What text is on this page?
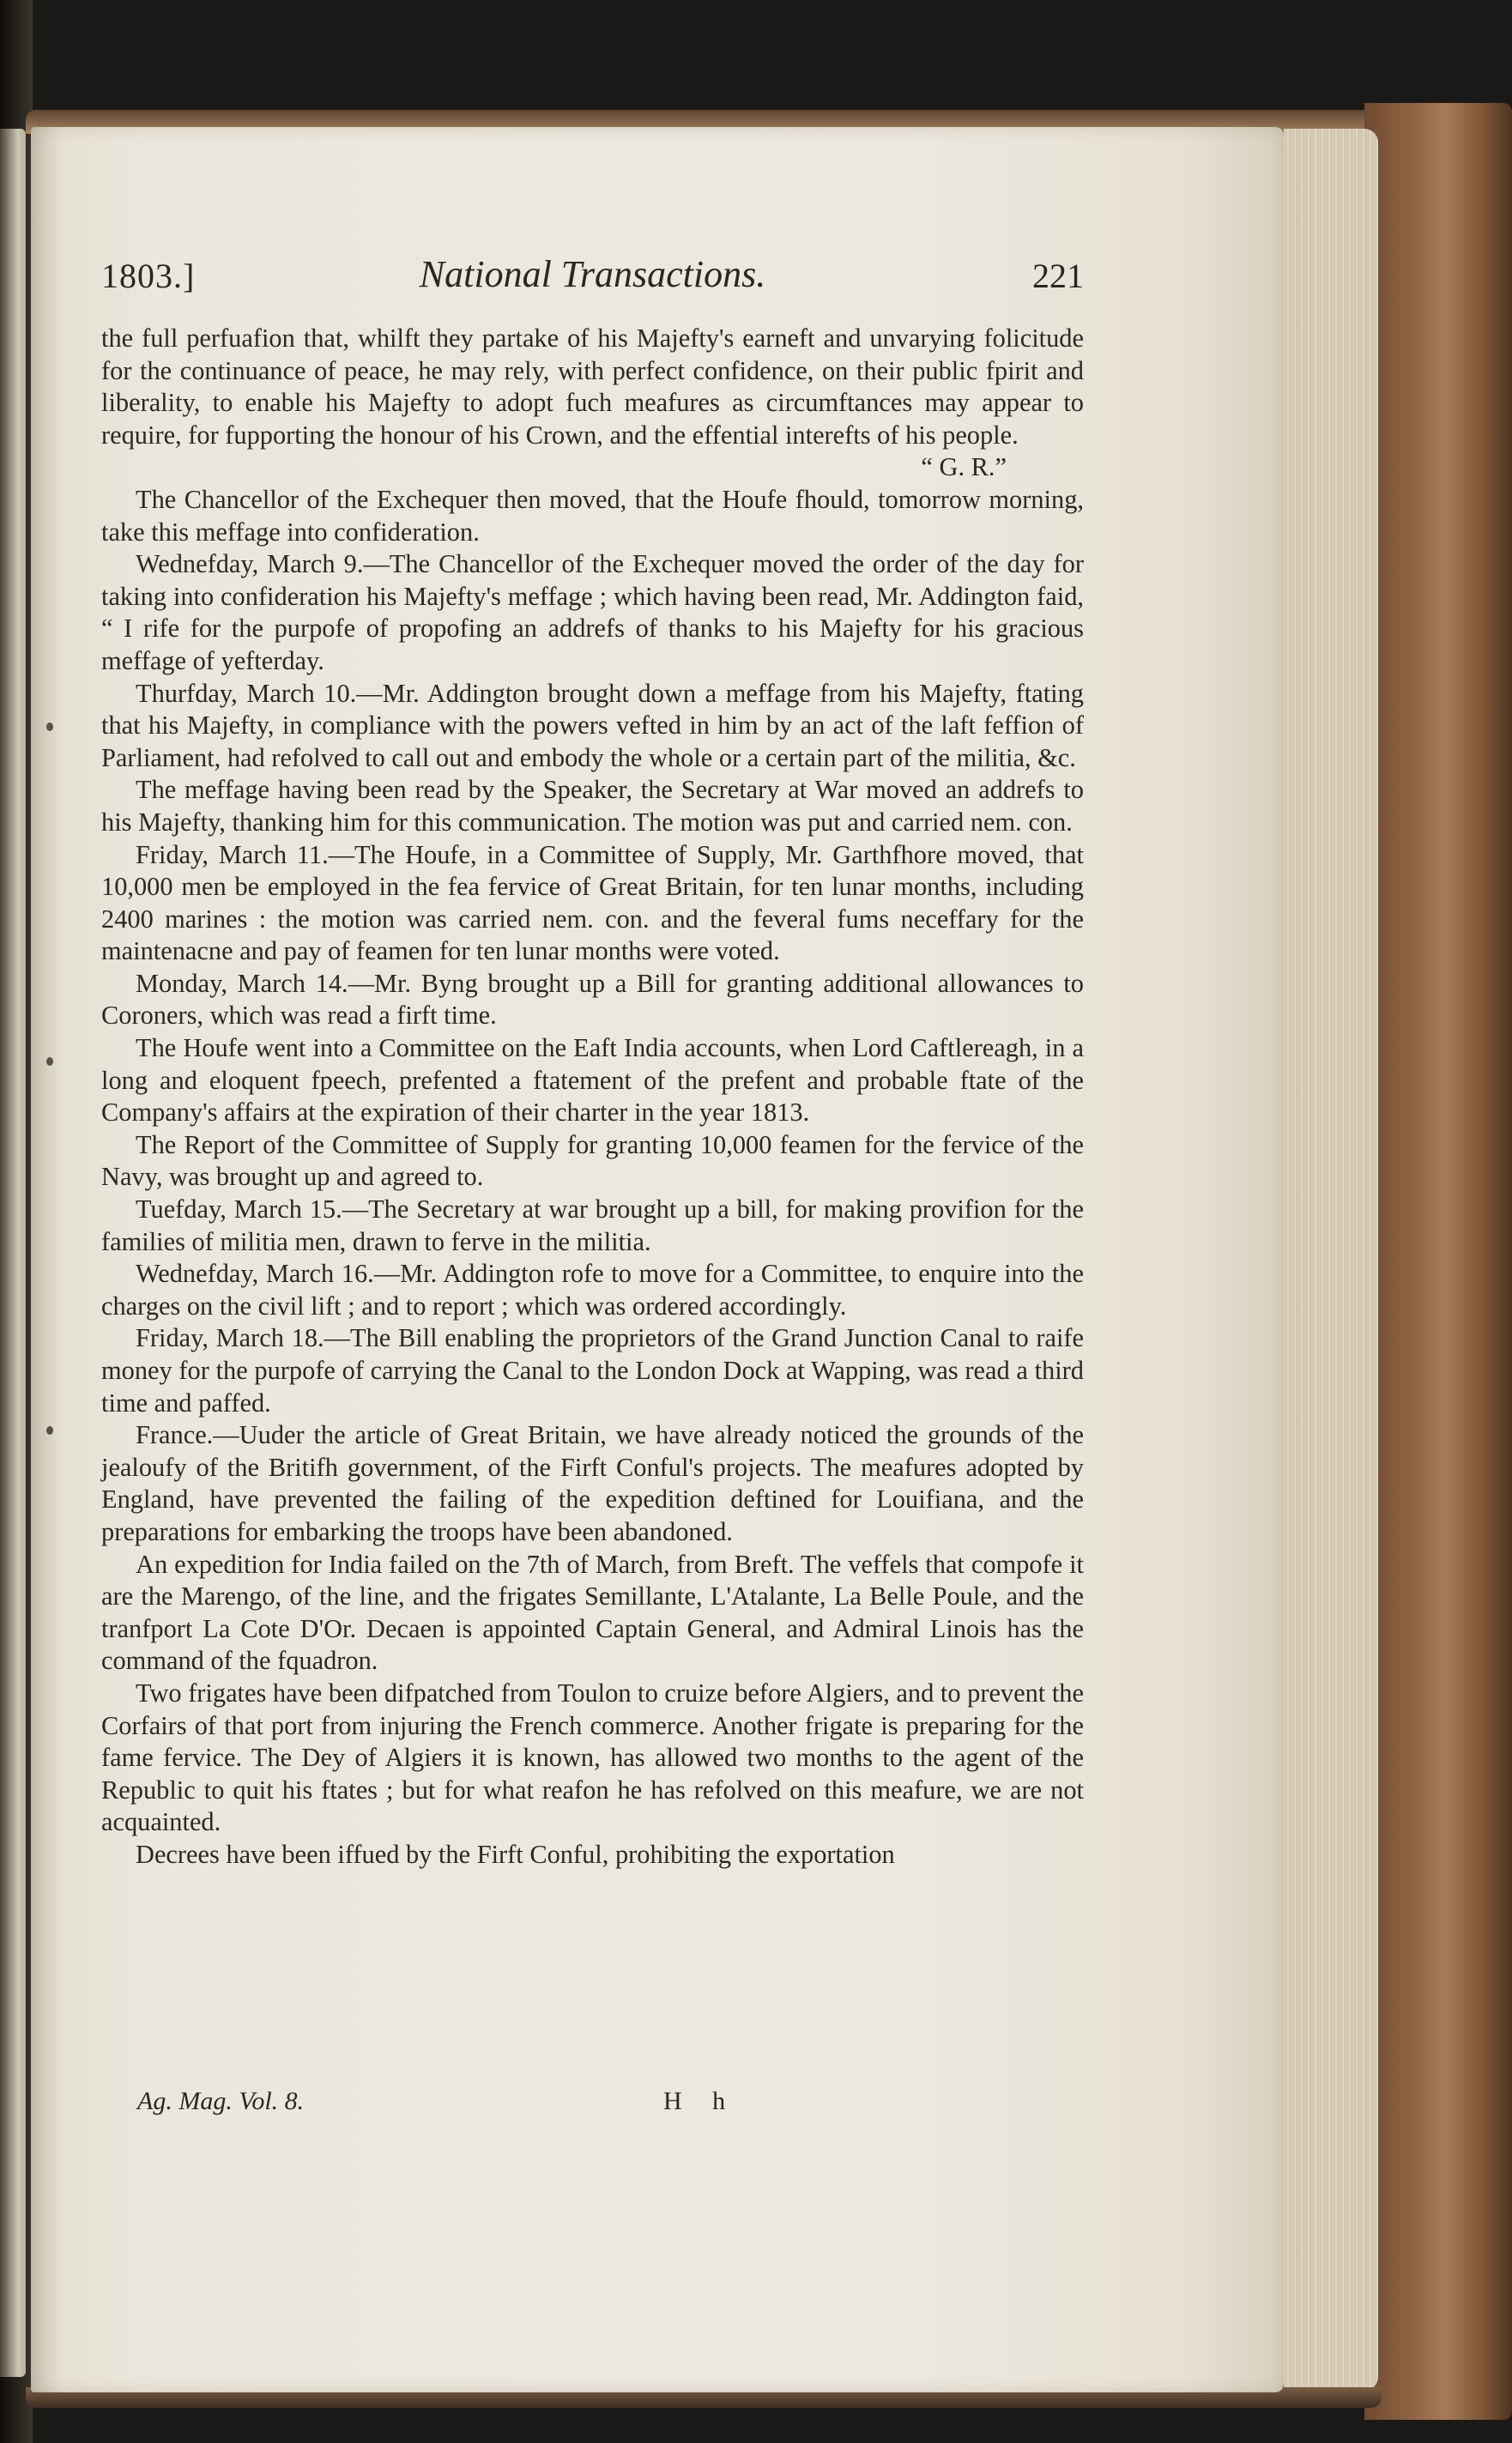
1803.]	National Transactions.	221

the full perfuafion that, whilft they partake of his Majefty's earneft and unvarying folicitude for the continuance of peace, he may rely, with perfect confidence, on their public fpirit and liberality, to enable his Majefty to adopt fuch meafures as circumftances may appear to require, for fupporting the honour of his Crown, and the effential interefts of his people.

“ G. R.”

The Chancellor of the Exchequer then moved, that the Houfe fhould, tomorrow morning, take this meffage into confideration.

Wednefday, March 9.—The Chancellor of the Exchequer moved the order of the day for taking into confideration his Majefty's meffage ; which having been read, Mr. Addington faid, “ I rife for the purpofe of propofing an addrefs of thanks to his Majefty for his gracious meffage of yefterday.

Thurfday, March 10.—Mr. Addington brought down a meffage from his Majefty, ftating that his Majefty, in compliance with the powers vefted in him by an act of the laft feffion of Parliament, had refolved to call out and embody the whole or a certain part of the militia, &c.

The meffage having been read by the Speaker, the Secretary at War moved an addrefs to his Majefty, thanking him for this communication. The motion was put and carried nem. con.

Friday, March 11.—The Houfe, in a Committee of Supply, Mr. Garthfhore moved, that 10,000 men be employed in the fea fervice of Great Britain, for ten lunar months, including 2400 marines : the motion was carried nem. con. and the feveral fums neceffary for the maintenacne and pay of feamen for ten lunar months were voted.

Monday, March 14.—Mr. Byng brought up a Bill for granting additional allowances to Coroners, which was read a firft time.

The Houfe went into a Committee on the Eaft India accounts, when Lord Caftlereagh, in a long and eloquent fpeech, prefented a ftatement of the prefent and probable ftate of the Company's affairs at the expiration of their charter in the year 1813.

The Report of the Committee of Supply for granting 10,000 feamen for the fervice of the Navy, was brought up and agreed to.

Tuefday, March 15.—The Secretary at war brought up a bill, for making provifion for the families of militia men, drawn to ferve in the militia.

Wednefday, March 16.—Mr. Addington rofe to move for a Committee, to enquire into the charges on the civil lift ; and to report ; which was ordered accordingly.

Friday, March 18.—The Bill enabling the proprietors of the Grand Junction Canal to raife money for the purpofe of carrying the Canal to the London Dock at Wapping, was read a third time and paffed.

France.—Uuder the article of Great Britain, we have already noticed the grounds of the jealoufy of the Britifh government, of the Firft Conful's projects. The meafures adopted by England, have prevented the failing of the expedition deftined for Louifiana, and the preparations for embarking the troops have been abandoned.

An expedition for India failed on the 7th of March, from Breft. The veffels that compofe it are the Marengo, of the line, and the frigates Semillante, L'Atalante, La Belle Poule, and the tranfport La Cote D'Or. Decaen is appointed Captain General, and Admiral Linois has the command of the fquadron.

Two frigates have been difpatched from Toulon to cruize before Algiers, and to prevent the Corfairs of that port from injuring the French commerce. Another frigate is preparing for the fame fervice. The Dey of Algiers it is known, has allowed two months to the agent of the Republic to quit his ftates ; but for what reafon he has refolved on this meafure, we are not acquainted.

Decrees have been iffued by the Firft Conful, prohibiting the exportation

Ag. Mag. Vol. 8.	H h
